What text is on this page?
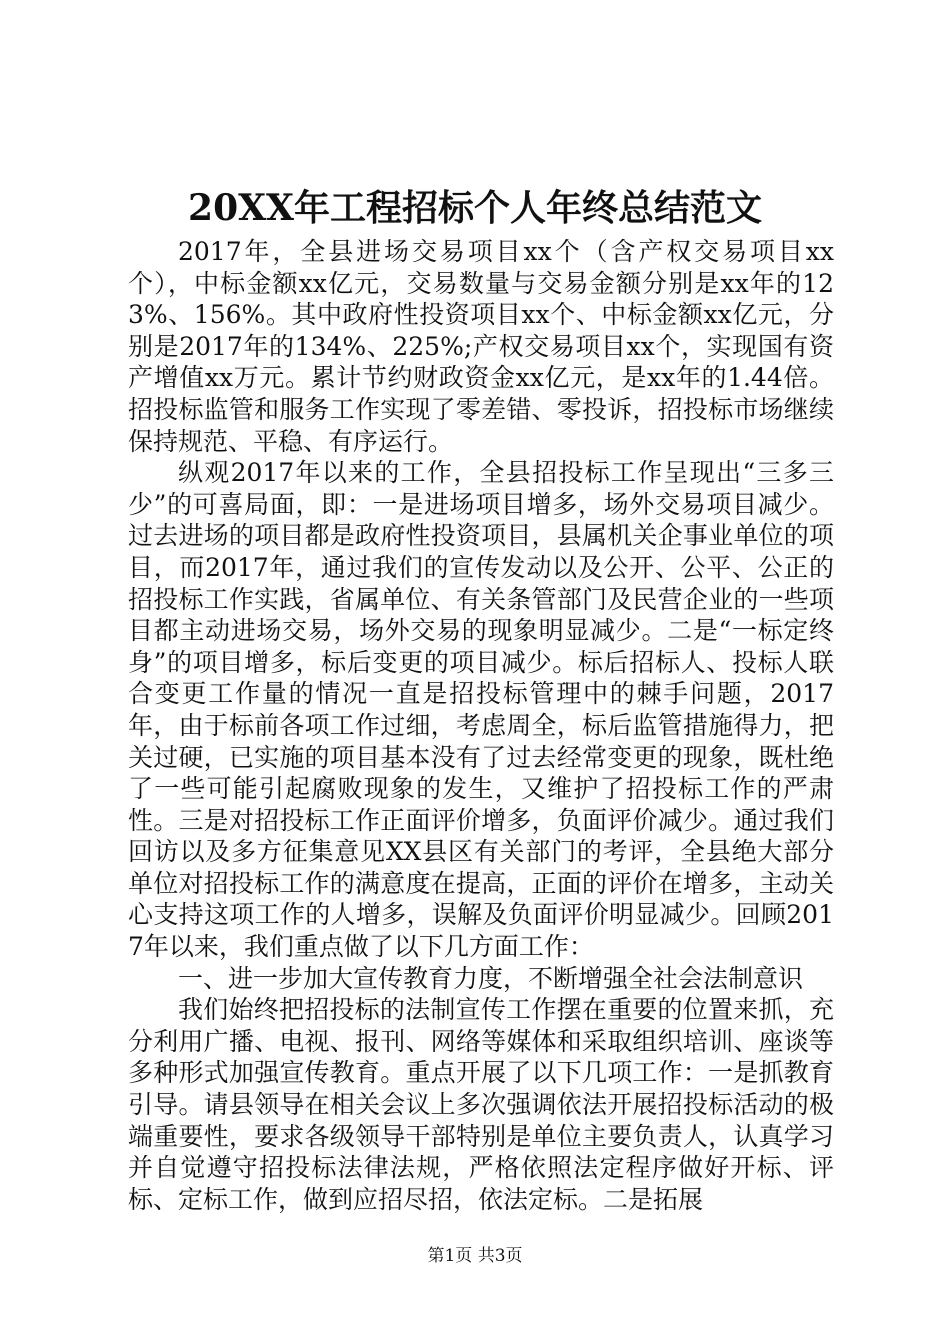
20XX年工程招标个人年终总结范文

2017年，全县进场交易项目xx个（含产权交易项目xx个），中标金额xx亿元，交易数量与交易金额分别是xx年的123%、156%。其中政府性投资项目xx个、中标金额xx亿元，分别是2017年的134%、225%;产权交易项目xx个，实现国有资产增值xx万元。累计节约财政资金xx亿元，是xx年的1.44倍。招投标监管和服务工作实现了零差错、零投诉，招投标市场继续保持规范、平稳、有序运行。

纵观2017年以来的工作，全县招投标工作呈现出“三多三少”的可喜局面，即：一是进场项目增多，场外交易项目减少。过去进场的项目都是政府性投资项目，县属机关企事业单位的项目，而2017年，通过我们的宣传发动以及公开、公平、公正的招投标工作实践，省属单位、有关条管部门及民营企业的一些项目都主动进场交易，场外交易的现象明显减少。二是“一标定终身”的项目增多，标后变更的项目减少。标后招标人、投标人联合变更工作量的情况一直是招投标管理中的棘手问题，2017年，由于标前各项工作过细，考虑周全，标后监管措施得力，把关过硬，已实施的项目基本没有了过去经常变更的现象，既杜绝了一些可能引起腐败现象的发生，又维护了招投标工作的严肃性。三是对招投标工作正面评价增多，负面评价减少。通过我们回访以及多方征集意见XX县区有关部门的考评，全县绝大部分单位对招投标工作的满意度在提高，正面的评价在增多，主动关心支持这项工作的人增多，误解及负面评价明显减少。回顾2017年以来，我们重点做了以下几方面工作：

一、进一步加大宣传教育力度，不断增强全社会法制意识

我们始终把招投标的法制宣传工作摆在重要的位置来抓，充分利用广播、电视、报刊、网络等媒体和采取组织培训、座谈等多种形式加强宣传教育。重点开展了以下几项工作：一是抓教育引导。请县领导在相关会议上多次强调依法开展招投标活动的极端重要性，要求各级领导干部特别是单位主要负责人，认真学习并自觉遵守招投标法律法规，严格依照法定程序做好开标、评标、定标工作，做到应招尽招，依法定标。二是拓展

第1页 共3页
